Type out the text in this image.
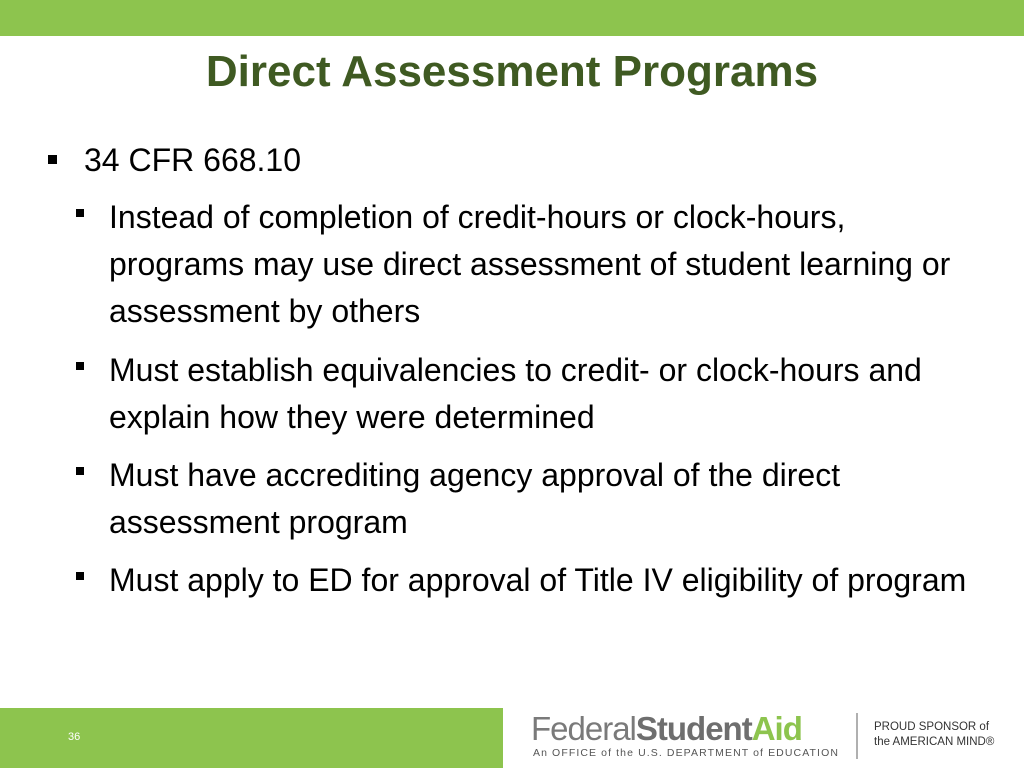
Direct Assessment Programs
34 CFR 668.10
Instead of completion of credit-hours or clock-hours, programs may use direct assessment of student learning or assessment by others
Must establish equivalencies to credit- or clock-hours and explain how they were determined
Must have accrediting agency approval of the direct assessment program
Must apply to ED for approval of Title IV eligibility of program
36	FederalStudentAid
An OFFICE of the U.S. DEPARTMENT of EDUCATION
PROUD SPONSOR of
the AMERICAN MIND®
